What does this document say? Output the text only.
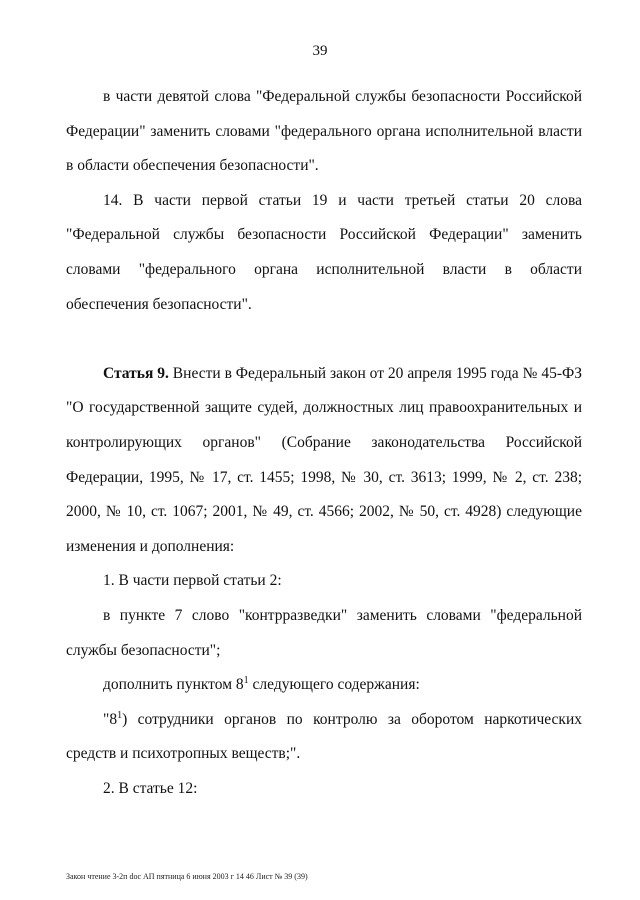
39

в части девятой слова "Федеральной службы безопасности Российской Федерации" заменить словами "федерального органа исполнительной власти в области обеспечения безопасности".

14. В части первой статьи 19 и части третьей статьи 20 слова "Федеральной службы безопасности Российской Федерации" заменить словами "федерального органа исполнительной власти в области обеспечения безопасности".

Статья 9. Внести в Федеральный закон от 20 апреля 1995 года № 45-ФЗ "О государственной защите судей, должностных лиц правоохранительных и контролирующих органов" (Собрание законодательства Российской Федерации, 1995, № 17, ст. 1455; 1998, № 30, ст. 3613; 1999, № 2, ст. 238; 2000, № 10, ст. 1067; 2001, № 49, ст. 4566; 2002, № 50, ст. 4928) следующие изменения и дополнения:

1. В части первой статьи 2:

в пункте 7 слово "контрразведки" заменить словами "федеральной службы безопасности";

дополнить пунктом $8^1$ следующего содержания:

"$8^1$) сотрудники органов по контролю за оборотом наркотических средств и психотропных веществ;".

2. В статье 12:

Закон чтение 3-2п doc АП пятница 6 июня 2003 г 14 46 Лист № 39 (39)
